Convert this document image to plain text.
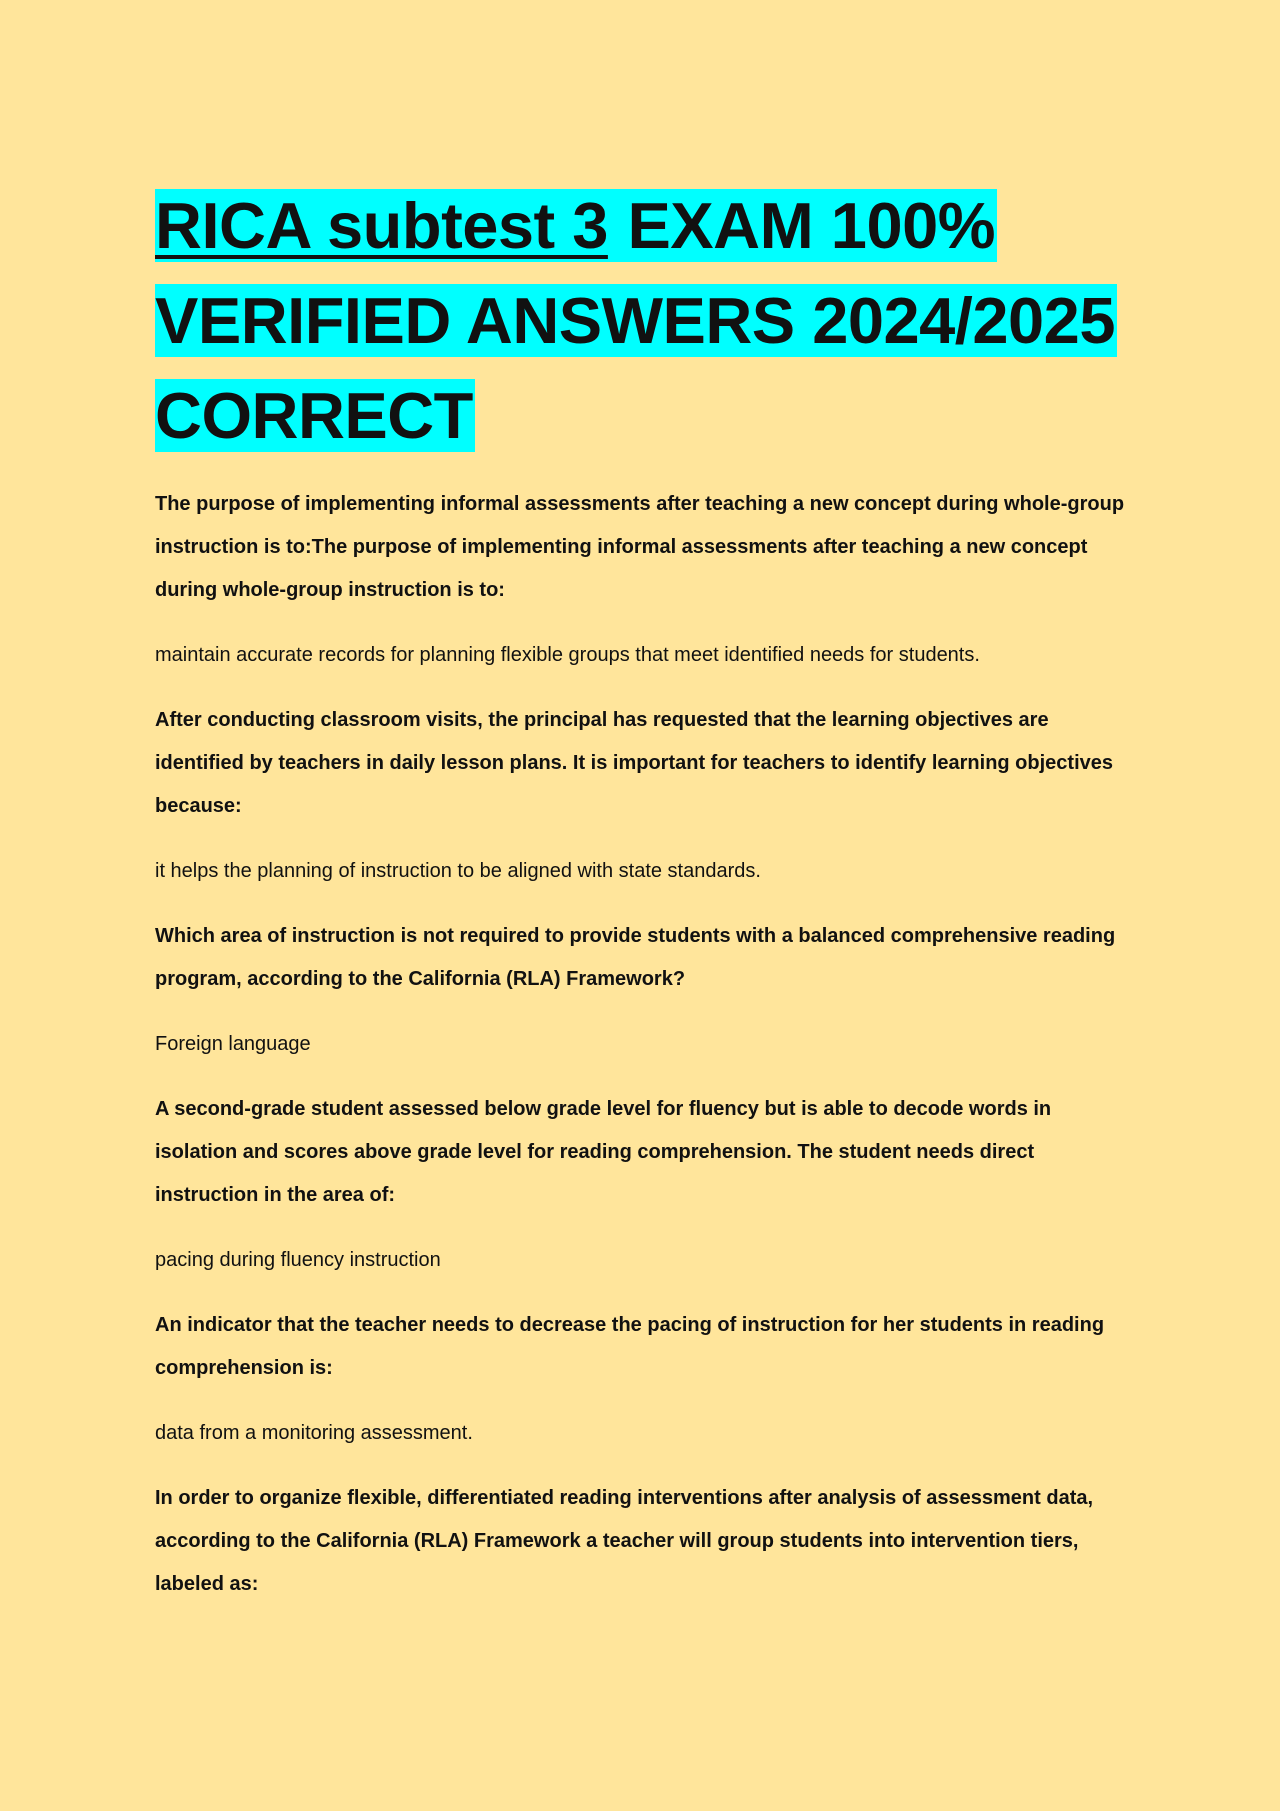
RICA subtest 3 EXAM 100% VERIFIED ANSWERS 2024/2025 CORRECT

The purpose of implementing informal assessments after teaching a new concept during whole-group instruction is to:The purpose of implementing informal assessments after teaching a new concept during whole-group instruction is to:

maintain accurate records for planning flexible groups that meet identified needs for students.

After conducting classroom visits, the principal has requested that the learning objectives are identified by teachers in daily lesson plans. It is important for teachers to identify learning objectives because:

it helps the planning of instruction to be aligned with state standards.

Which area of instruction is not required to provide students with a balanced comprehensive reading program, according to the California (RLA) Framework?

Foreign language

A second-grade student assessed below grade level for fluency but is able to decode words in isolation and scores above grade level for reading comprehension. The student needs direct instruction in the area of:

pacing during fluency instruction

An indicator that the teacher needs to decrease the pacing of instruction for her students in reading comprehension is:

data from a monitoring assessment.

In order to organize flexible, differentiated reading interventions after analysis of assessment data, according to the California (RLA) Framework a teacher will group students into intervention tiers, labeled as:
